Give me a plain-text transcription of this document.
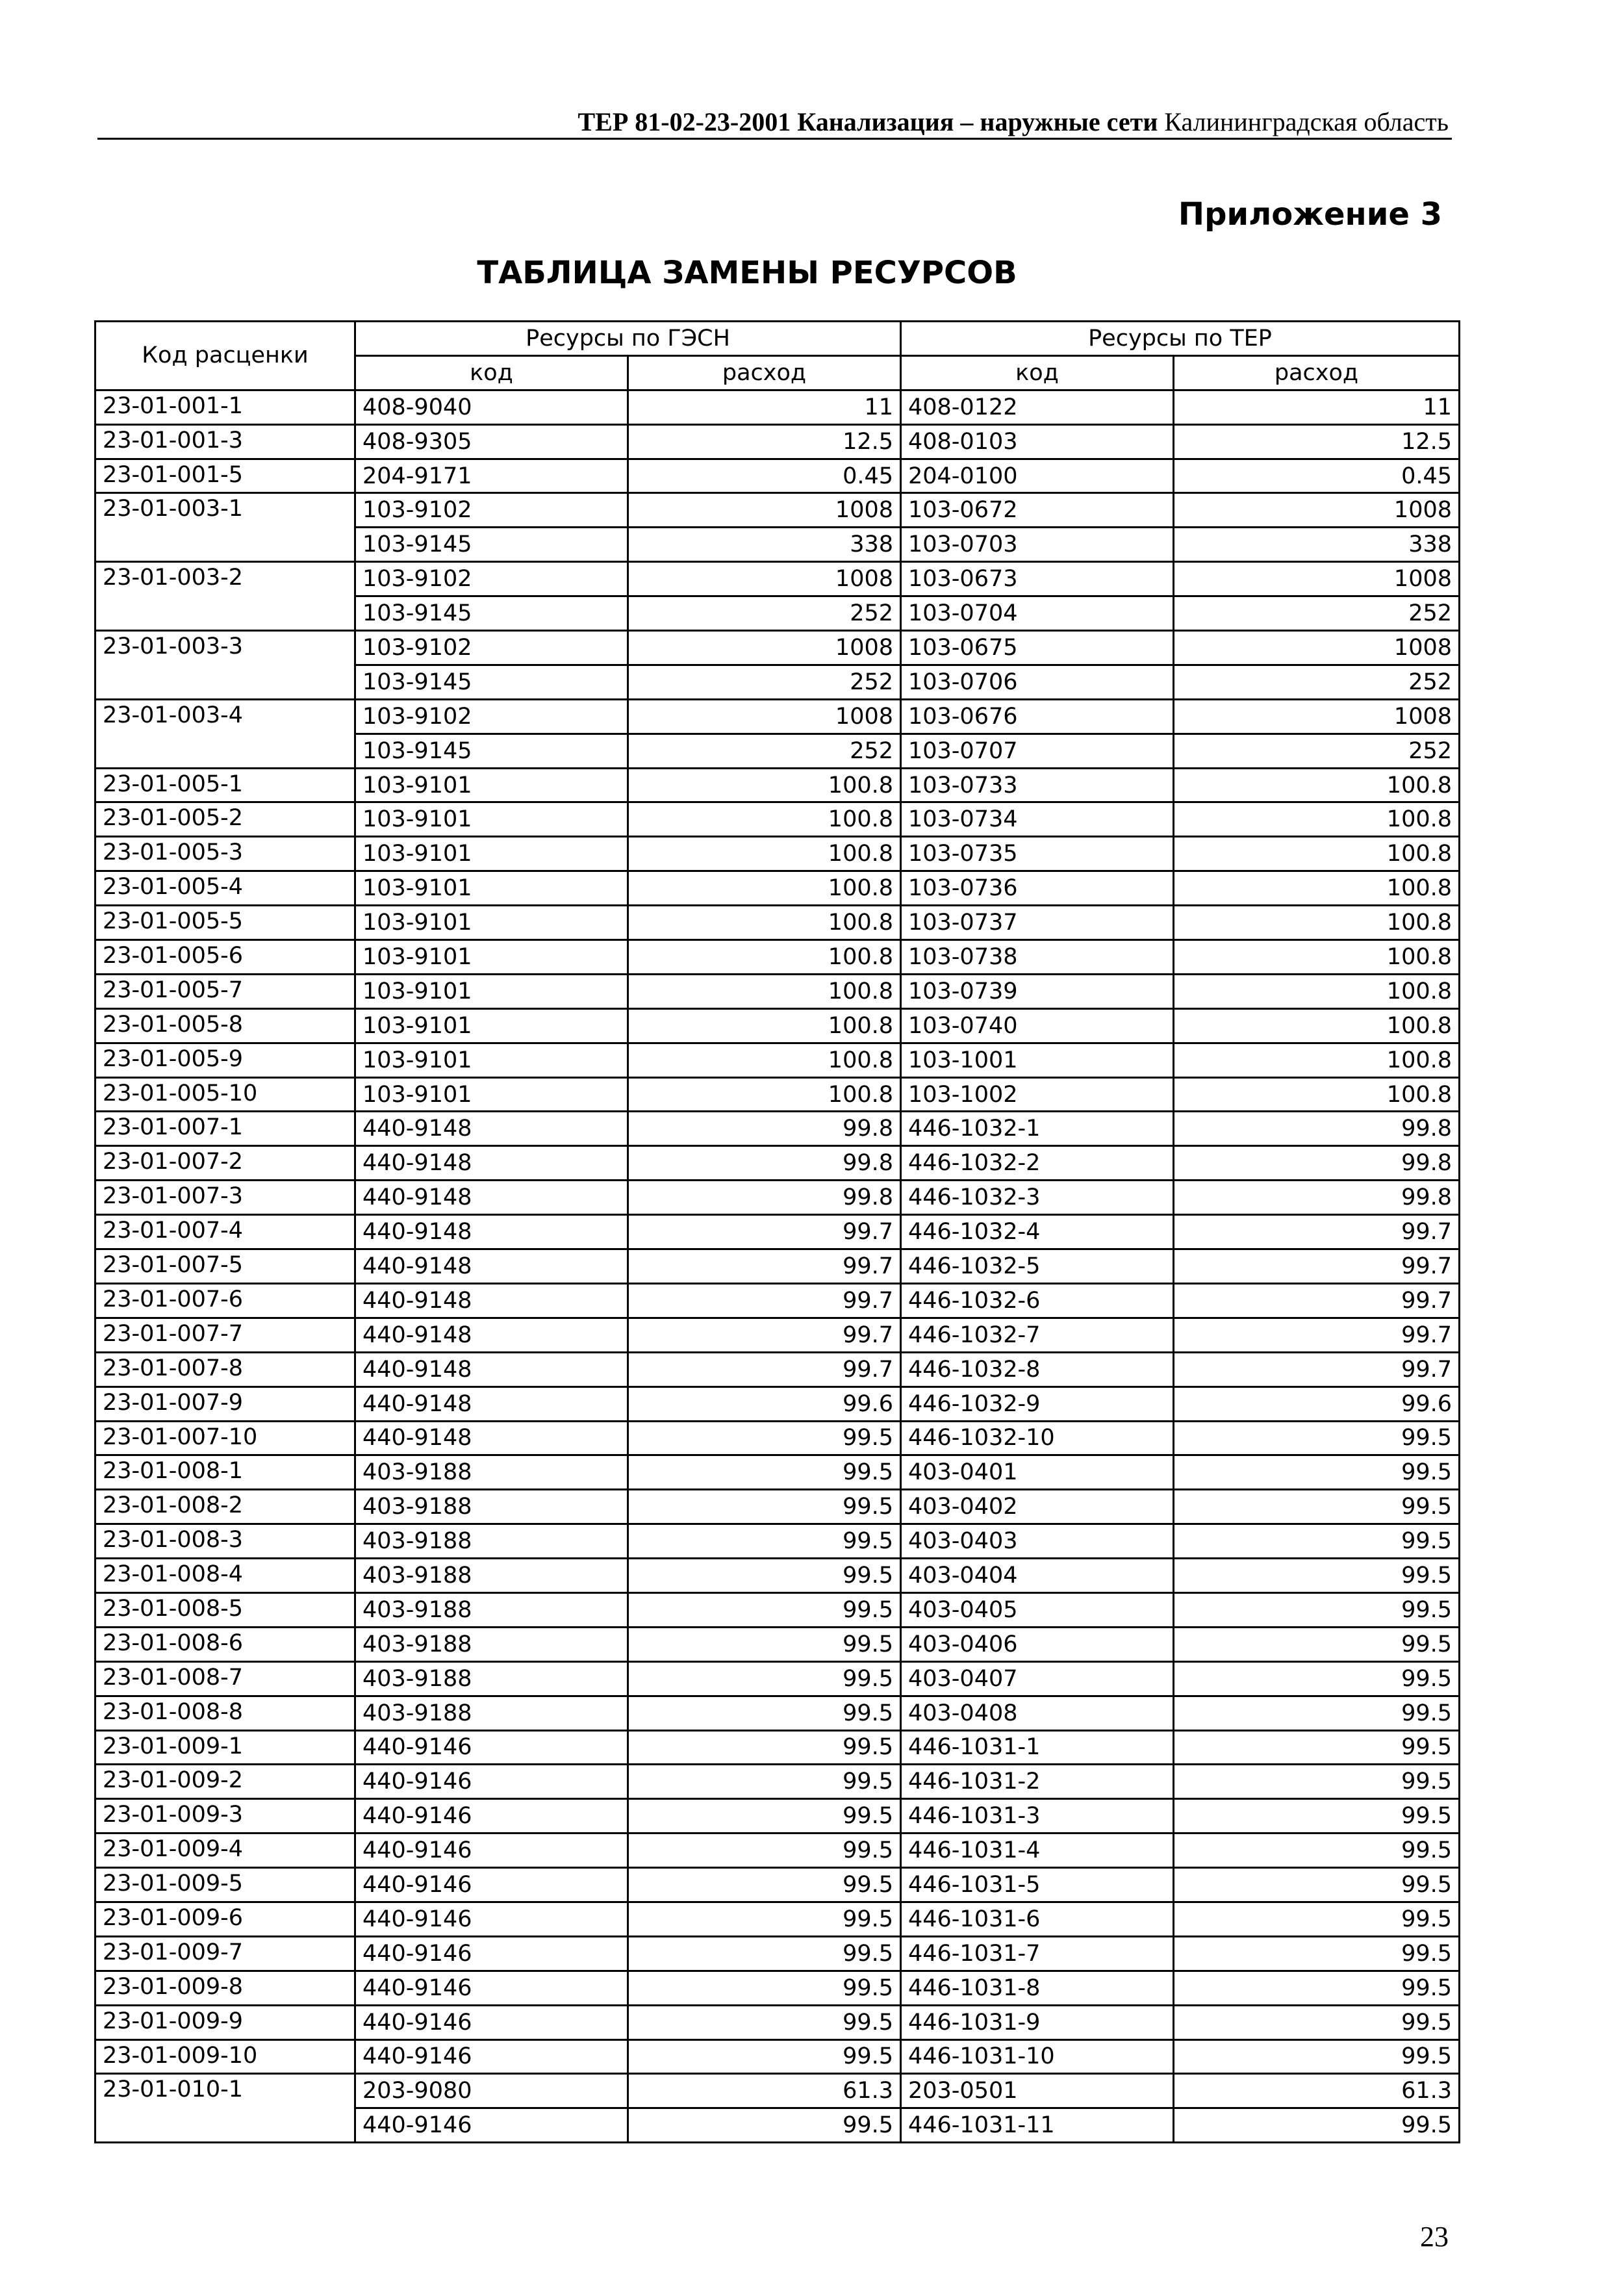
ТЕР 81-02-23-2001 Канализация – наружные сети Калининградская область
Приложение 3
ТАБЛИЦА ЗАМЕНЫ РЕСУРСОВ
Код расценки	Ресурсы по ГЭСН		Ресурсы по ТЕР	
	код	расход	код	расход
23-01-001-1	408-9040	11	408-0122	11
23-01-001-3	408-9305	12.5	408-0103	12.5
23-01-001-5	204-9171	0.45	204-0100	0.45
23-01-003-1	103-9102	1008	103-0672	1008
	103-9145	338	103-0703	338
23-01-003-2	103-9102	1008	103-0673	1008
	103-9145	252	103-0704	252
23-01-003-3	103-9102	1008	103-0675	1008
	103-9145	252	103-0706	252
23-01-003-4	103-9102	1008	103-0676	1008
	103-9145	252	103-0707	252
23-01-005-1	103-9101	100.8	103-0733	100.8
23-01-005-2	103-9101	100.8	103-0734	100.8
23-01-005-3	103-9101	100.8	103-0735	100.8
23-01-005-4	103-9101	100.8	103-0736	100.8
23-01-005-5	103-9101	100.8	103-0737	100.8
23-01-005-6	103-9101	100.8	103-0738	100.8
23-01-005-7	103-9101	100.8	103-0739	100.8
23-01-005-8	103-9101	100.8	103-0740	100.8
23-01-005-9	103-9101	100.8	103-1001	100.8
23-01-005-10	103-9101	100.8	103-1002	100.8
23-01-007-1	440-9148	99.8	446-1032-1	99.8
23-01-007-2	440-9148	99.8	446-1032-2	99.8
23-01-007-3	440-9148	99.8	446-1032-3	99.8
23-01-007-4	440-9148	99.7	446-1032-4	99.7
23-01-007-5	440-9148	99.7	446-1032-5	99.7
23-01-007-6	440-9148	99.7	446-1032-6	99.7
23-01-007-7	440-9148	99.7	446-1032-7	99.7
23-01-007-8	440-9148	99.7	446-1032-8	99.7
23-01-007-9	440-9148	99.6	446-1032-9	99.6
23-01-007-10	440-9148	99.5	446-1032-10	99.5
23-01-008-1	403-9188	99.5	403-0401	99.5
23-01-008-2	403-9188	99.5	403-0402	99.5
23-01-008-3	403-9188	99.5	403-0403	99.5
23-01-008-4	403-9188	99.5	403-0404	99.5
23-01-008-5	403-9188	99.5	403-0405	99.5
23-01-008-6	403-9188	99.5	403-0406	99.5
23-01-008-7	403-9188	99.5	403-0407	99.5
23-01-008-8	403-9188	99.5	403-0408	99.5
23-01-009-1	440-9146	99.5	446-1031-1	99.5
23-01-009-2	440-9146	99.5	446-1031-2	99.5
23-01-009-3	440-9146	99.5	446-1031-3	99.5
23-01-009-4	440-9146	99.5	446-1031-4	99.5
23-01-009-5	440-9146	99.5	446-1031-5	99.5
23-01-009-6	440-9146	99.5	446-1031-6	99.5
23-01-009-7	440-9146	99.5	446-1031-7	99.5
23-01-009-8	440-9146	99.5	446-1031-8	99.5
23-01-009-9	440-9146	99.5	446-1031-9	99.5
23-01-009-10	440-9146	99.5	446-1031-10	99.5
23-01-010-1	203-9080	61.3	203-0501	61.3
	440-9146	99.5	446-1031-11	99.5
23
